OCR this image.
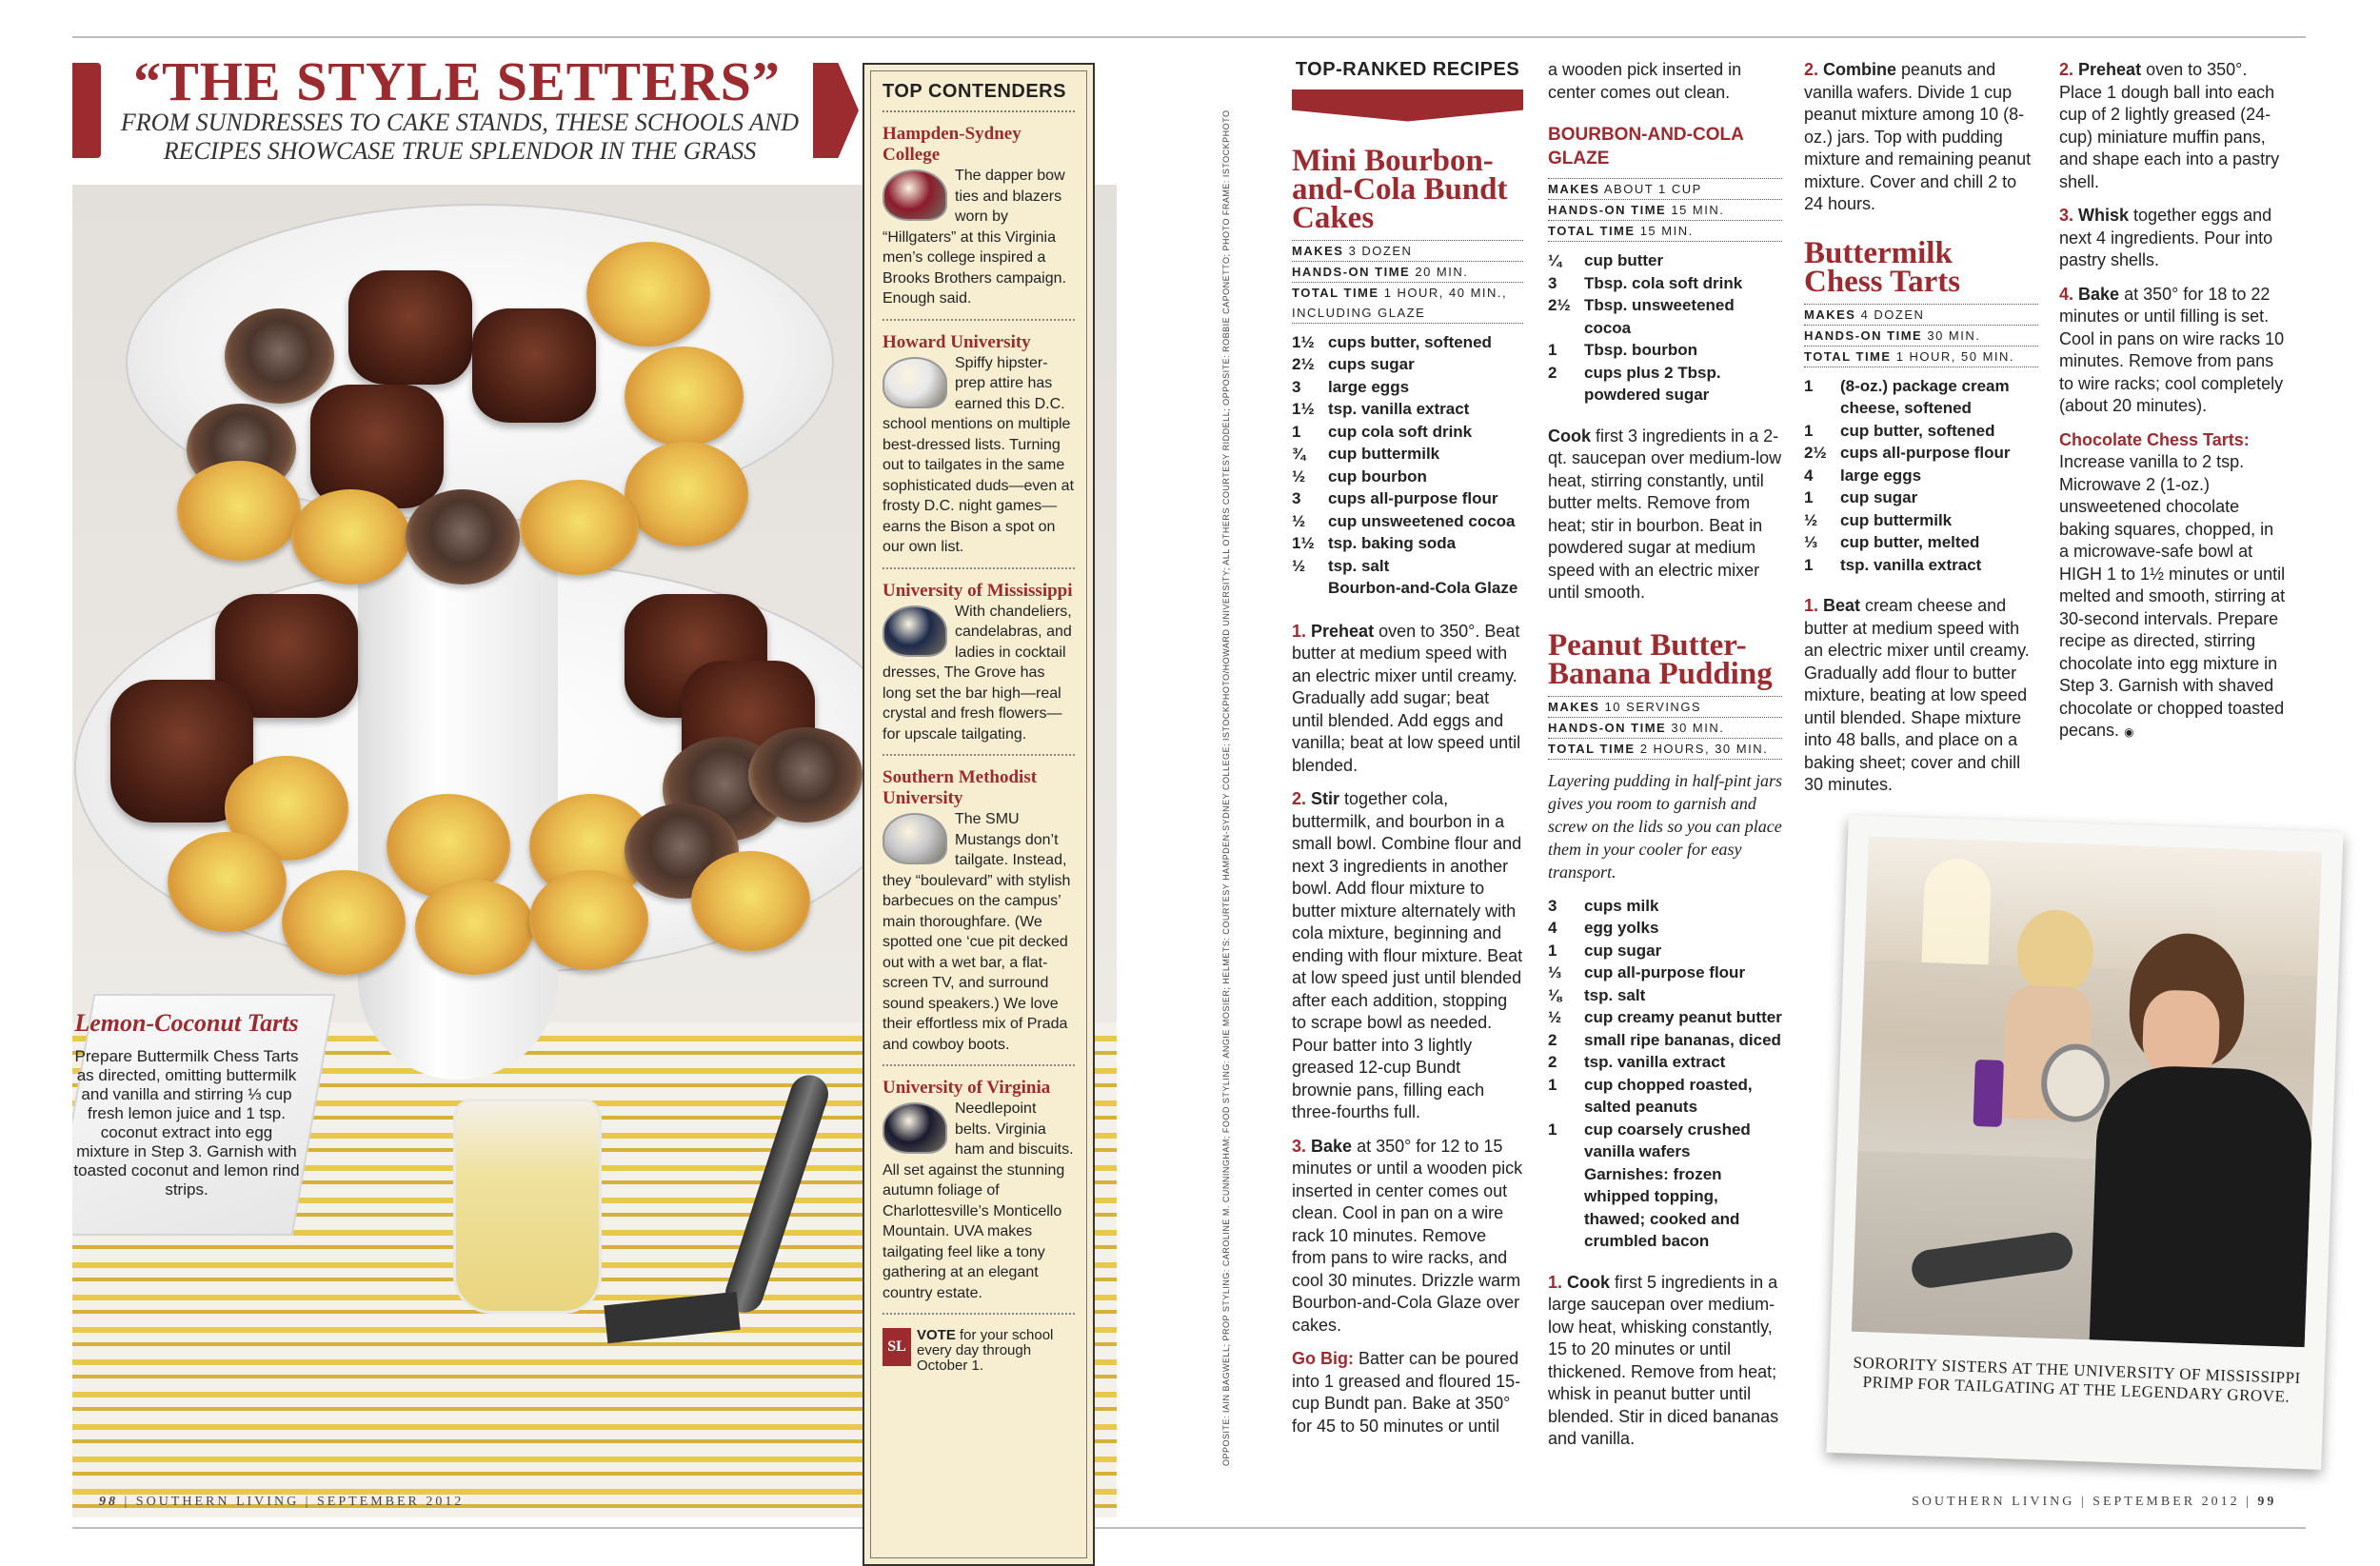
“THE STYLE SETTERS”
FROM SUNDRESSES TO CAKE STANDS, THESE SCHOOLS AND RECIPES SHOWCASE TRUE SPLENDOR IN THE GRASS
Lemon-Coconut Tarts
Prepare Buttermilk Chess Tarts as directed, omitting buttermilk and vanilla and stirring ⅓ cup fresh lemon juice and 1 tsp. coconut extract into egg mixture in Step 3. Garnish with toasted coconut and lemon rind strips.
98 | SOUTHERN LIVING | SEPTEMBER 2012
TOP CONTENDERS
Hampden-Sydney College
The dapper bow ties and blazers worn by “Hillgaters” at this Virginia men’s college inspired a Brooks Brothers campaign. Enough said.
Howard University
Spiffy hipster-prep attire has earned this D.C. school mentions on multiple best-dressed lists. Turning out to tailgates in the same sophisticated duds—even at frosty D.C. night games—earns the Bison a spot on our own list.
University of Mississippi
With chandeliers, candelabras, and ladies in cocktail dresses, The Grove has long set the bar high—real crystal and fresh flowers—for upscale tailgating.
Southern Methodist University
The SMU Mustangs don’t tailgate. Instead, they “boulevard” with stylish barbecues on the campus’ main thoroughfare. (We spotted one ‘cue pit decked out with a wet bar, a flat-screen TV, and surround sound speakers.) We love their effortless mix of Prada and cowboy boots.
University of Virginia
Needlepoint belts. Virginia ham and biscuits. All set against the stunning autumn foliage of Charlottesville’s Monticello Mountain. UVA makes tailgating feel like a tony gathering at an elegant country estate.
SL
VOTE for your school every day through October 1.	OPPOSITE: IAIN BAGWELL; PROP STYLING: CAROLINE M. CUNNINGHAM; FOOD STYLING: ANGIE MOSIER; HELMETS: COURTESY HAMPDEN-SYDNEY COLLEGE; ISTOCKPHOTO/HOWARD UNIVERSITY; ALL OTHERS COURTESY RIDDELL; OPPOSITE: ROBBIE CAPONETTO; PHOTO FRAME: ISTOCKPHOTO
TOP-RANKED RECIPES
Mini Bourbon-and-Cola Bundt Cakes
MAKES 3 DOZEN
HANDS-ON TIME 20 MIN.
TOTAL TIME 1 HOUR, 40 MIN., INCLUDING GLAZE
1½ cups butter, softened
2½ cups sugar
3	large eggs
1½ tsp. vanilla extract
1	cup cola soft drink
¾	cup buttermilk
½	cup bourbon
3	cups all-purpose flour
½	cup unsweetened cocoa
1½ tsp. baking soda
½	tsp. salt
Bourbon-and-Cola Glaze

1. Preheat oven to 350°. Beat butter at medium speed with an electric mixer until creamy. Gradually add sugar; beat until blended. Add eggs and vanilla; beat at low speed until blended.

2. Stir together cola, buttermilk, and bourbon in a small bowl. Combine flour and next 3 ingredients in another bowl. Add flour mixture to butter mixture alternately with cola mixture, beginning and ending with flour mixture. Beat at low speed just until blended after each addition, stopping to scrape bowl as needed. Pour batter into 3 lightly greased 12-cup Bundt brownie pans, filling each three-fourths full.

3. Bake at 350° for 12 to 15 minutes or until a wooden pick inserted in center comes out clean. Cool in pan on a wire rack 10 minutes. Remove from pans to wire racks, and cool 30 minutes. Drizzle warm Bourbon-and-Cola Glaze over cakes.

Go Big: Batter can be poured into 1 greased and floured 15-cup Bundt pan. Bake at 350° for 45 to 50 minutes or until

a wooden pick inserted in center comes out clean.

BOURBON-AND-COLA GLAZE
MAKES ABOUT 1 CUP
HANDS-ON TIME 15 MIN.
TOTAL TIME 15 MIN.
¼	cup butter
3	Tbsp. cola soft drink
2½ Tbsp. unsweetened cocoa
1	Tbsp. bourbon
2	cups plus 2 Tbsp. powdered sugar

Cook first 3 ingredients in a 2-qt. saucepan over medium-low heat, stirring constantly, until butter melts. Remove from heat; stir in bourbon. Beat in powdered sugar at medium speed with an electric mixer until smooth.

Peanut Butter-Banana Pudding
MAKES 10 SERVINGS
HANDS-ON TIME 30 MIN.
TOTAL TIME 2 HOURS, 30 MIN.
Layering pudding in half-pint jars gives you room to garnish and screw on the lids so you can place them in your cooler for easy transport.
3	cups milk
4	egg yolks
1	cup sugar
⅓	cup all-purpose flour
⅛	tsp. salt
½	cup creamy peanut butter
2	small ripe bananas, diced
2	tsp. vanilla extract
1	cup chopped roasted, salted peanuts
1	cup coarsely crushed vanilla wafers
Garnishes: frozen whipped topping, thawed; cooked and crumbled bacon

1. Cook first 5 ingredients in a large saucepan over medium-low heat, whisking constantly, 15 to 20 minutes or until thickened. Remove from heat; whisk in peanut butter until blended. Stir in diced bananas and vanilla.

2. Combine peanuts and vanilla wafers. Divide 1 cup peanut mixture among 10 (8-oz.) jars. Top with pudding mixture and remaining peanut mixture. Cover and chill 2 to 24 hours.

Buttermilk Chess Tarts
MAKES 4 DOZEN
HANDS-ON TIME 30 MIN.
TOTAL TIME 1 HOUR, 50 MIN.
1	(8-oz.) package cream cheese, softened
1	cup butter, softened
2½ cups all-purpose flour
4	large eggs
1	cup sugar
½	cup buttermilk
⅓	cup butter, melted
1	tsp. vanilla extract

1. Beat cream cheese and butter at medium speed with an electric mixer until creamy. Gradually add flour to butter mixture, beating at low speed until blended. Shape mixture into 48 balls, and place on a baking sheet; cover and chill 30 minutes.

2. Preheat oven to 350°. Place 1 dough ball into each cup of 2 lightly greased (24-cup) miniature muffin pans, and shape each into a pastry shell.

3. Whisk together eggs and next 4 ingredients. Pour into pastry shells.

4. Bake at 350° for 18 to 22 minutes or until filling is set. Cool in pans on wire racks 10 minutes. Remove from pans to wire racks; cool completely (about 20 minutes).

Chocolate Chess Tarts:
Increase vanilla to 2 tsp. Microwave 2 (1-oz.) unsweetened chocolate baking squares, chopped, in a microwave-safe bowl at HIGH 1 to 1½ minutes or until melted and smooth, stirring at 30-second intervals. Prepare recipe as directed, stirring chocolate into egg mixture in Step 3. Garnish with shaved chocolate or chopped toasted pecans. ◉

SORORITY SISTERS AT THE UNIVERSITY OF MISSISSIPPI PRIMP FOR TAILGATING AT THE LEGENDARY GROVE.
SOUTHERN LIVING | SEPTEMBER 2012 | 99
